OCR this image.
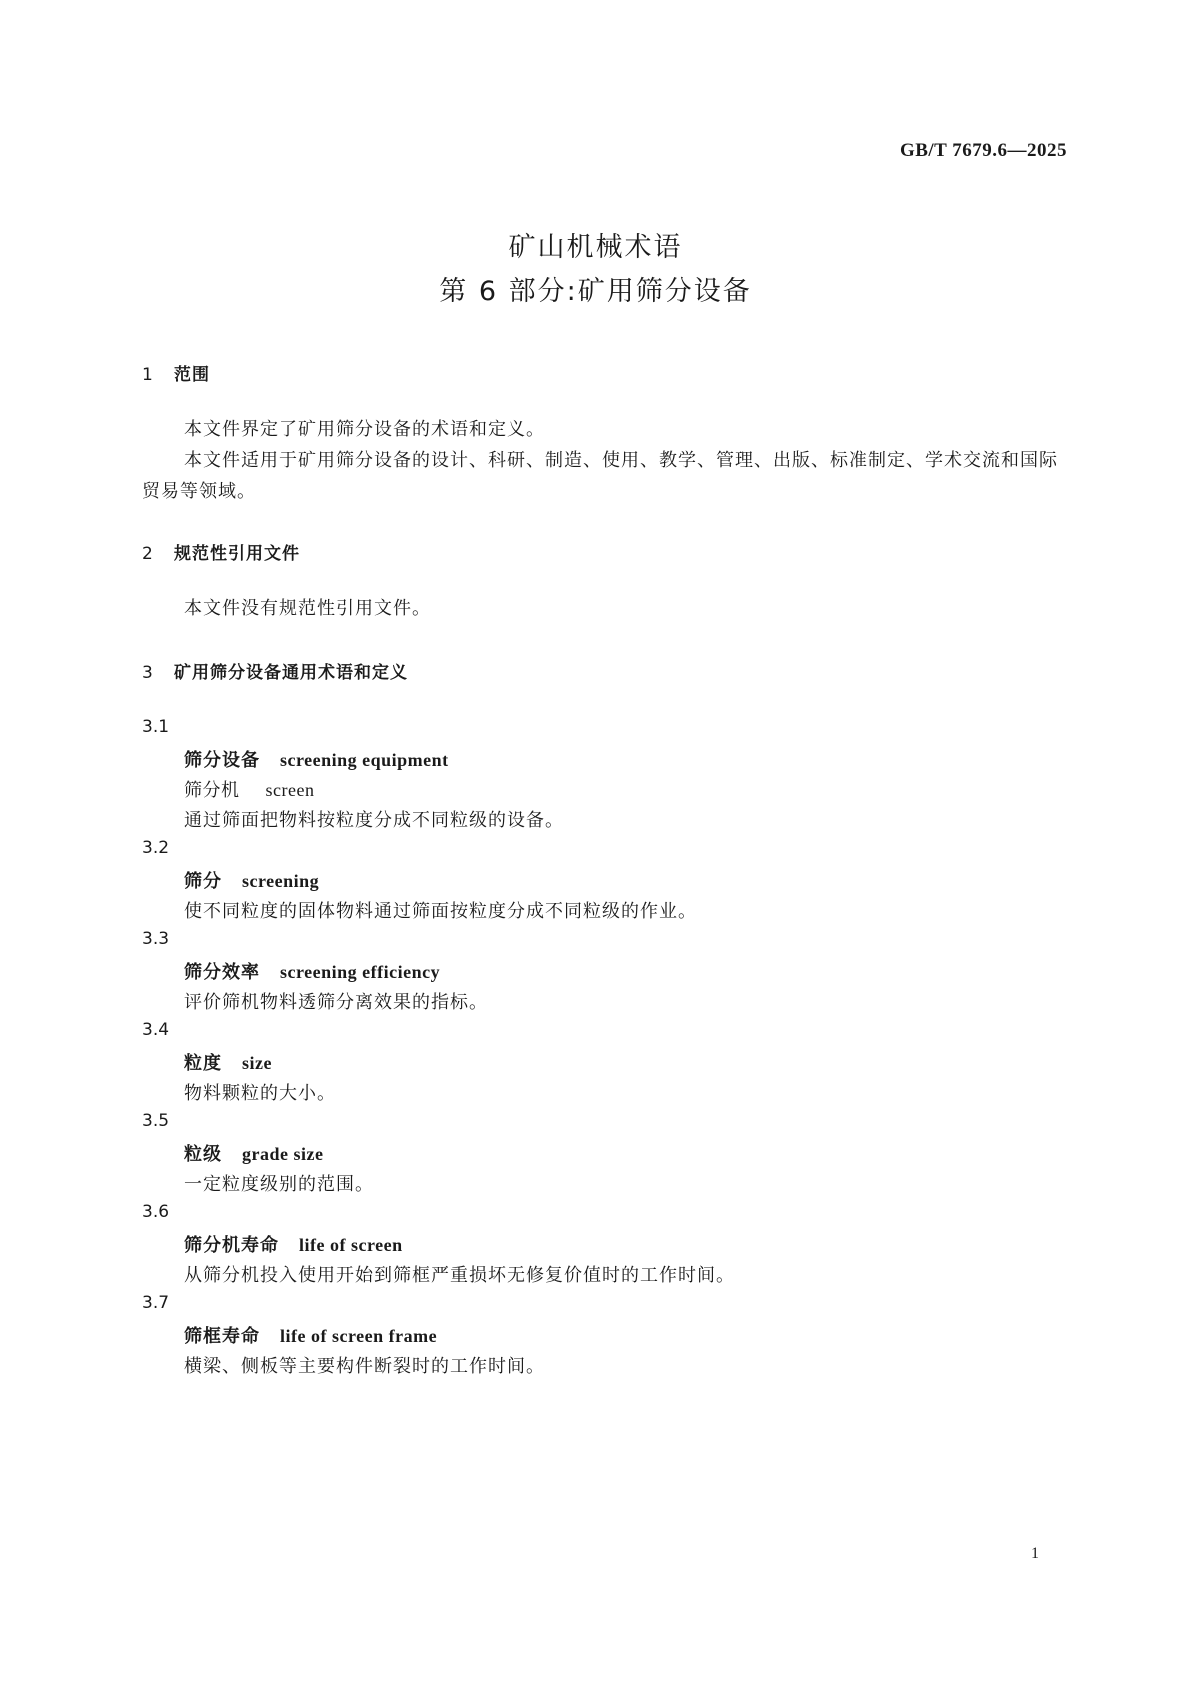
GB/T 7679.6—2025
矿山机械术语
第 6 部分:矿用筛分设备
1 范围
本文件界定了矿用筛分设备的术语和定义。
本文件适用于矿用筛分设备的设计、科研、制造、使用、教学、管理、出版、标准制定、学术交流和国际贸易等领域。
2 规范性引用文件
本文件没有规范性引用文件。
3 矿用筛分设备通用术语和定义
3.1
筛分设备 screening equipment
筛分机 screen
通过筛面把物料按粒度分成不同粒级的设备。
3.2
筛分 screening
使不同粒度的固体物料通过筛面按粒度分成不同粒级的作业。
3.3
筛分效率 screening efficiency
评价筛机物料透筛分离效果的指标。
3.4
粒度 size
物料颗粒的大小。
3.5
粒级 grade size
一定粒度级别的范围。
3.6
筛分机寿命 life of screen
从筛分机投入使用开始到筛框严重损坏无修复价值时的工作时间。
3.7
筛框寿命 life of screen frame
横梁、侧板等主要构件断裂时的工作时间。
1
